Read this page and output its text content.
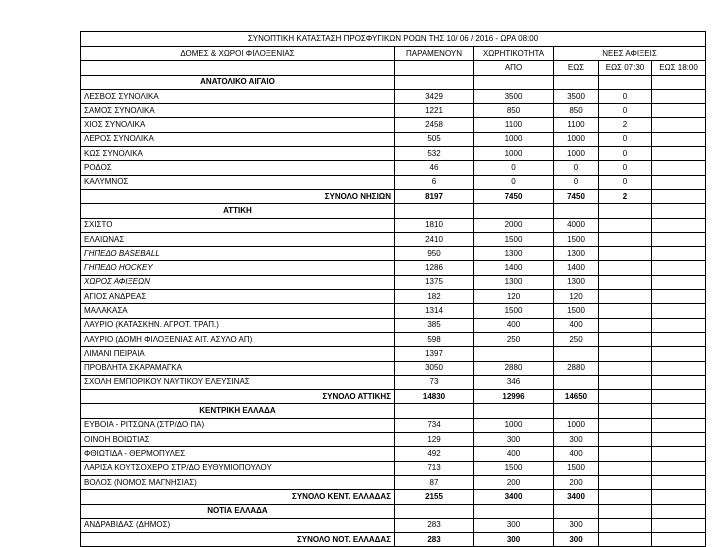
ΣΥΝΟΠΤΙΚΗ ΚΑΤΑΣΤΑΣΗ ΠΡΟΣΦΥΓΙΚΩΝ ΡΟΩΝ ΤΗΣ 10/ 06 / 2016 - ΩΡΑ 08:00					
ΔΟΜΕΣ & ΧΩΡΟΙ ΦΙΛΟΞΕΝΙΑΣ	ΠΑΡΑΜΕΝΟΥΝ	ΧΩΡΗΤΙΚΟΤΗΤΑ	ΝΕΕΣ ΑΦΙΞΕΙΣ		
		ΑΠΟ	ΕΩΣ	ΕΩΣ 07:30	ΕΩΣ 18:00
ΑΝΑΤΟΛΙΚΟ ΑΙΓΑΙΟ					
ΛΕΣΒΟΣ ΣΥΝΟΛΙΚΑ	3429	3500	3500	0	
ΣΑΜΟΣ ΣΥΝΟΛΙΚΑ	1221	850	850	0	
ΧΙΟΣ ΣΥΝΟΛΙΚΑ	2458	1100	1100	2	
ΛΕΡΟΣ ΣΥΝΟΛΙΚΑ	505	1000	1000	0	
ΚΩΣ ΣΥΝΟΛΙΚΑ	532	1000	1000	0	
ΡΟΔΟΣ	46	0	0	0	
ΚΑΛΥΜΝΟΣ	6	0	0	0	
ΣΥΝΟΛΟ ΝΗΣΙΩΝ	8197	7450	7450	2	
ΑΤΤΙΚΗ					
ΣΧΙΣΤΟ	1810	2000	4000		
ΕΛΑΙΩΝΑΣ	2410	1500	1500		
ΓΗΠΕΔΟ BASEBALL	950	1300	1300		
ΓΗΠΕΔΟ HOCKEY	1286	1400	1400		
ΧΩΡΟΣ ΑΦΙΞΕΩΝ	1375	1300	1300		
ΑΓΙΟΣ ΑΝΔΡΕΑΣ	182	120	120		
ΜΑΛΑΚΑΣΑ	1314	1500	1500		
ΛΑΥΡΙΟ (ΚΑΤΑΣΚΗΝ. ΑΓΡΟΤ. ΤΡΑΠ.)	385	400	400		
ΛΑΥΡΙΟ (ΔΟΜΗ ΦΙΛΟΞΕΝΙΑΣ ΑΙΤ. ΑΣΥΛΟ ΑΠ)	598	250	250		
ΛΙΜΑΝΙ ΠΕΙΡΑΙΑ	1397				
ΠΡΟΒΛΗΤΑ ΣΚΑΡΑΜΑΓΚΑ	3050	2880	2880		
ΣΧΟΛΗ ΕΜΠΟΡΙΚΟΥ ΝΑΥΤΙΚΟΥ ΕΛΕΥΣΙΝΑΣ	73	346			
ΣΥΝΟΛΟ ΑΤΤΙΚΗΣ	14830	12996	14650		
ΚΕΝΤΡΙΚΗ ΕΛΛΑΔΑ					
ΕΥΒΟΙΑ - ΡΙΤΣΩΝΑ (ΣΤΡ/ΔΟ ΠΑ)	734	1000	1000		
ΟΙΝΟΗ ΒΟΙΩΤΙΑΣ	129	300	300		
ΦΘΙΩΤΙΔΑ - ΘΕΡΜΟΠΥΛΕΣ	492	400	400		
ΛΑΡΙΣΑ ΚΟΥΤΣΟΧΕΡΟ ΣΤΡ/ΔΟ ΕΥΘΥΜΙΟΠΟΥΛΟΥ	713	1500	1500		
ΒΟΛΟΣ (ΝΟΜΟΣ ΜΑΓΝΗΣΙΑΣ)	87	200	200		
ΣΥΝΟΛΟ ΚΕΝΤ. ΕΛΛΑΔΑΣ	2155	3400	3400		
ΝΟΤΙΑ ΕΛΛΑΔΑ					
ΑΝΔΡΑΒΙΔΑΣ (ΔΗΜΟΣ)	283	300	300		
ΣΥΝΟΛΟ ΝΟΤ. ΕΛΛΑΔΑΣ	283	300	300		
